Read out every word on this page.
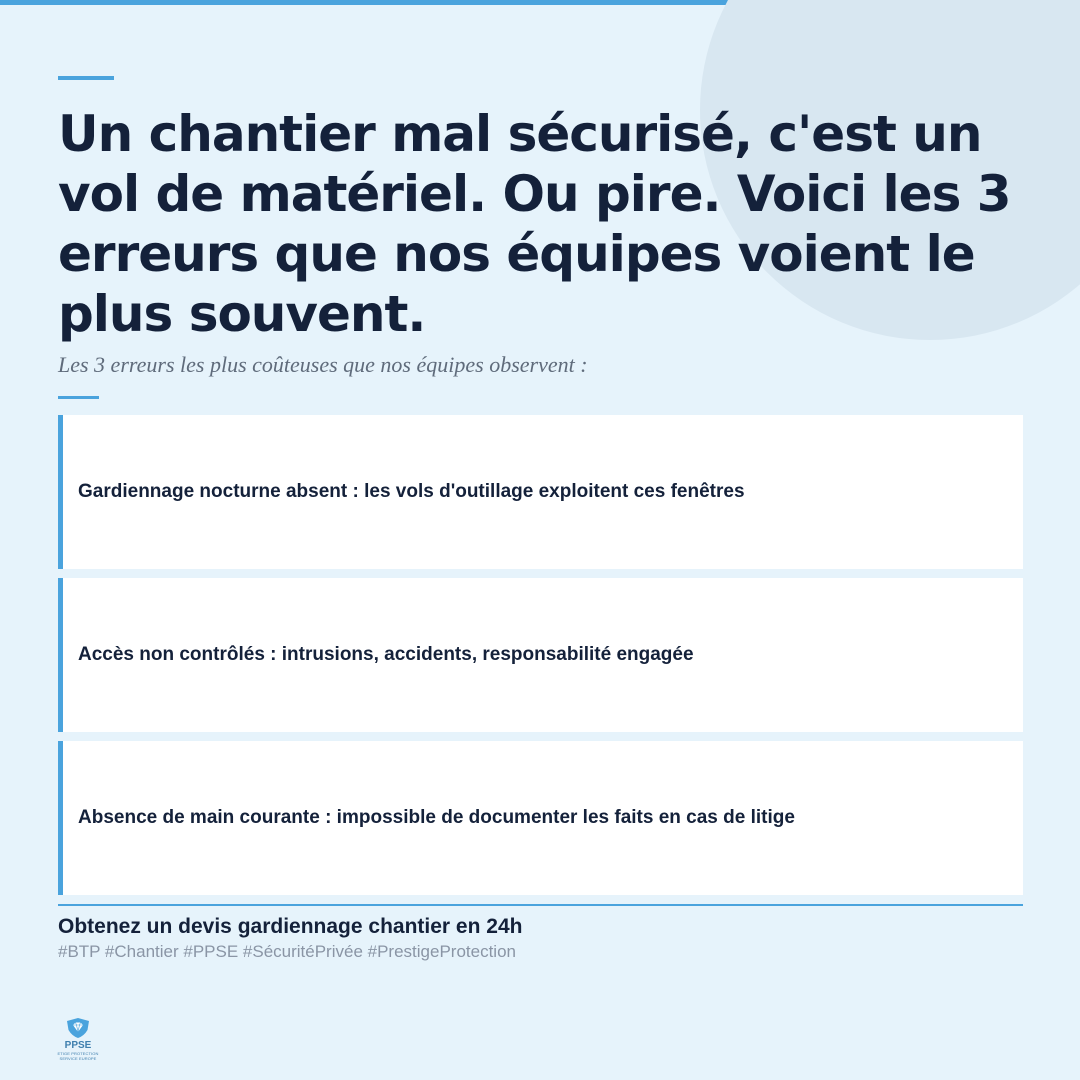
Un chantier mal sécurisé, c'est un vol de matériel. Ou pire. Voici les 3 erreurs que nos équipes voient le plus souvent.

Les 3 erreurs les plus coûteuses que nos équipes observent :

Gardiennage nocturne absent : les vols d'outillage exploitent ces fenêtres
Accès non contrôlés : intrusions, accidents, responsabilité engagée
Absence de main courante : impossible de documenter les faits en cas de litige

Obtenez un devis gardiennage chantier en 24h

#BTP #Chantier #PPSE #SécuritéPrivée #PrestigeProtection

PPSE
ETIGE PROTECTION SERVICE EUROPE
